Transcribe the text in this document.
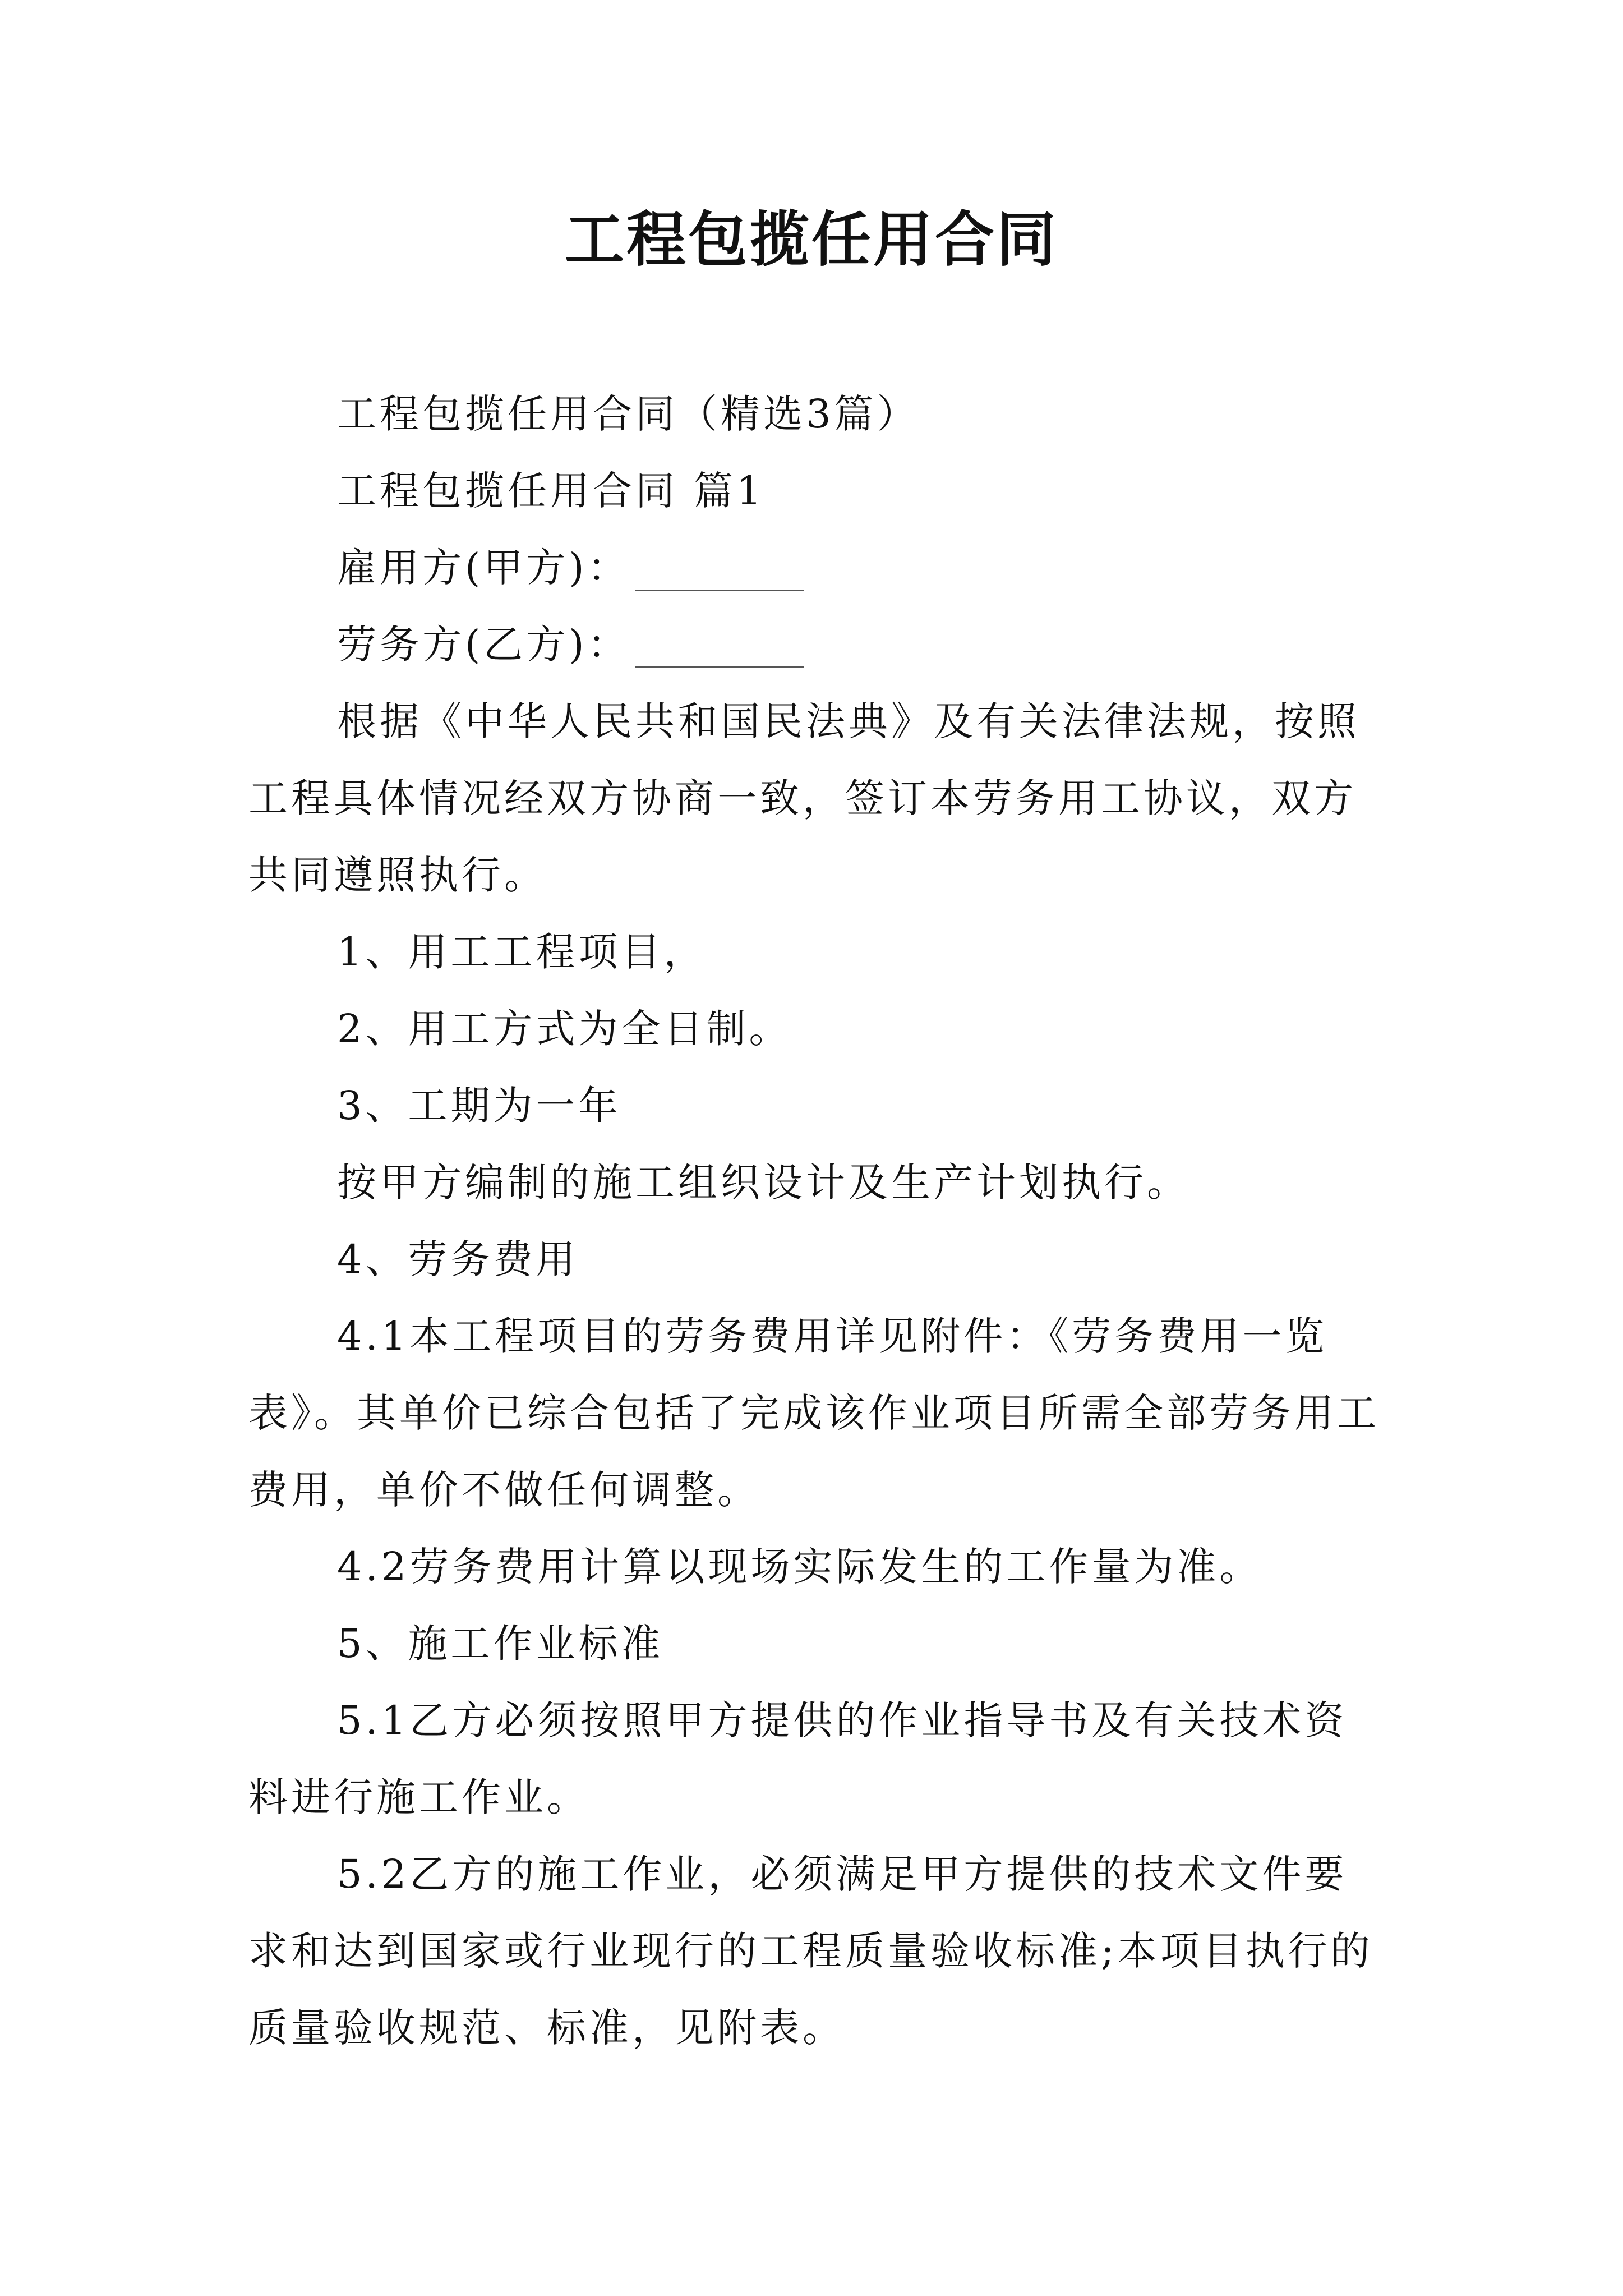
工程包揽任用合同

工程包揽任用合同（精选3篇）

工程包揽任用合同 篇1

雇用方(甲方)：

劳务方(乙方)：

根据《中华人民共和国民法典》及有关法律法规，按照工程具体情况经双方协商一致，签订本劳务用工协议，双方共同遵照执行。

1、用工工程项目，

2、用工方式为全日制。

3、工期为一年

按甲方编制的施工组织设计及生产计划执行。

4、劳务费用

4.1本工程项目的劳务费用详见附件：《劳务费用一览表》。其单价已综合包括了完成该作业项目所需全部劳务用工费用，单价不做任何调整。

4.2劳务费用计算以现场实际发生的工作量为准。

5、施工作业标准

5.1乙方必须按照甲方提供的作业指导书及有关技术资料进行施工作业。

5.2乙方的施工作业，必须满足甲方提供的技术文件要求和达到国家或行业现行的工程质量验收标准;本项目执行的质量验收规范、标准，见附表。
